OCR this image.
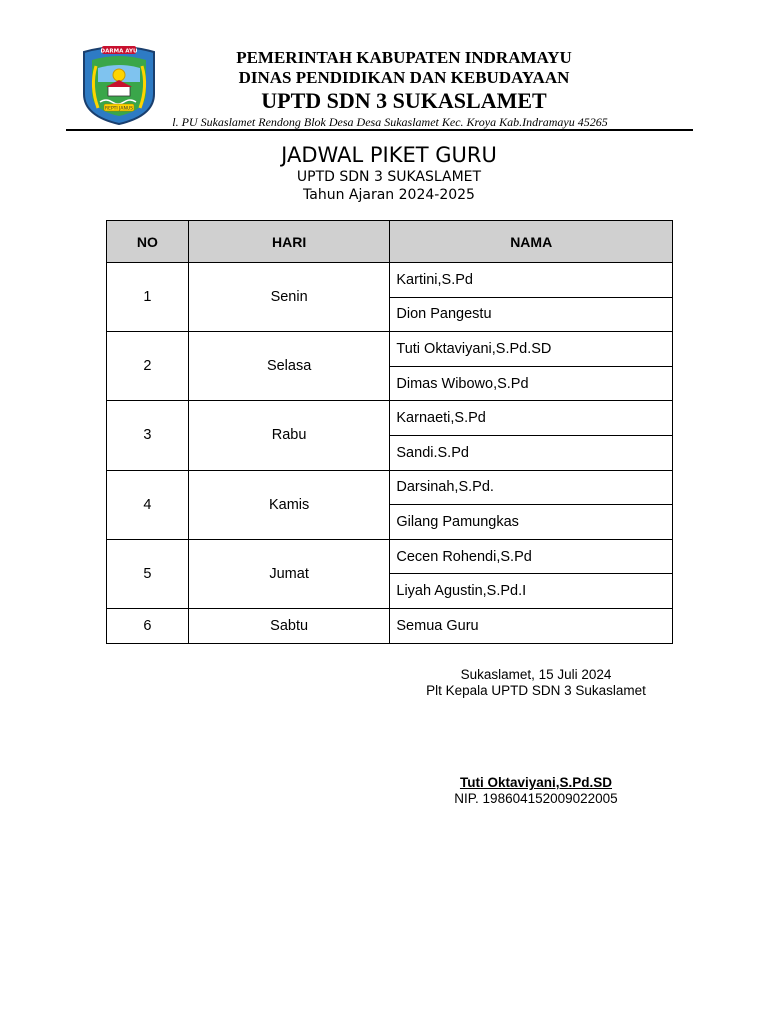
DARMA AYU
REPTI JANUS
PEMERINTAH KABUPATEN INDRAMAYU
DINAS PENDIDIKAN DAN KEBUDAYAAN
UPTD SDN 3 SUKASLAMET
l. PU Sukaslamet Rendong Blok Desa Desa Sukaslamet Kec. Kroya Kab.Indramayu 45265
JADWAL PIKET GURU
UPTD SDN 3 SUKASLAMET
Tahun Ajaran 2024-2025
NO	HARI	NAMA
1	Senin	Kartini,S.Pd
		Dion Pangestu
2	Selasa	Tuti Oktaviyani,S.Pd.SD
		Dimas Wibowo,S.Pd
3	Rabu	Karnaeti,S.Pd
		Sandi.S.Pd
4	Kamis	Darsinah,S.Pd.
		Gilang Pamungkas
5	Jumat	Cecen Rohendi,S.Pd
		Liyah Agustin,S.Pd.I
6	Sabtu	Semua Guru
Sukaslamet, 15 Juli 2024
Plt Kepala UPTD SDN 3 Sukaslamet
Tuti Oktaviyani,S.Pd.SD
NIP. 198604152009022005
